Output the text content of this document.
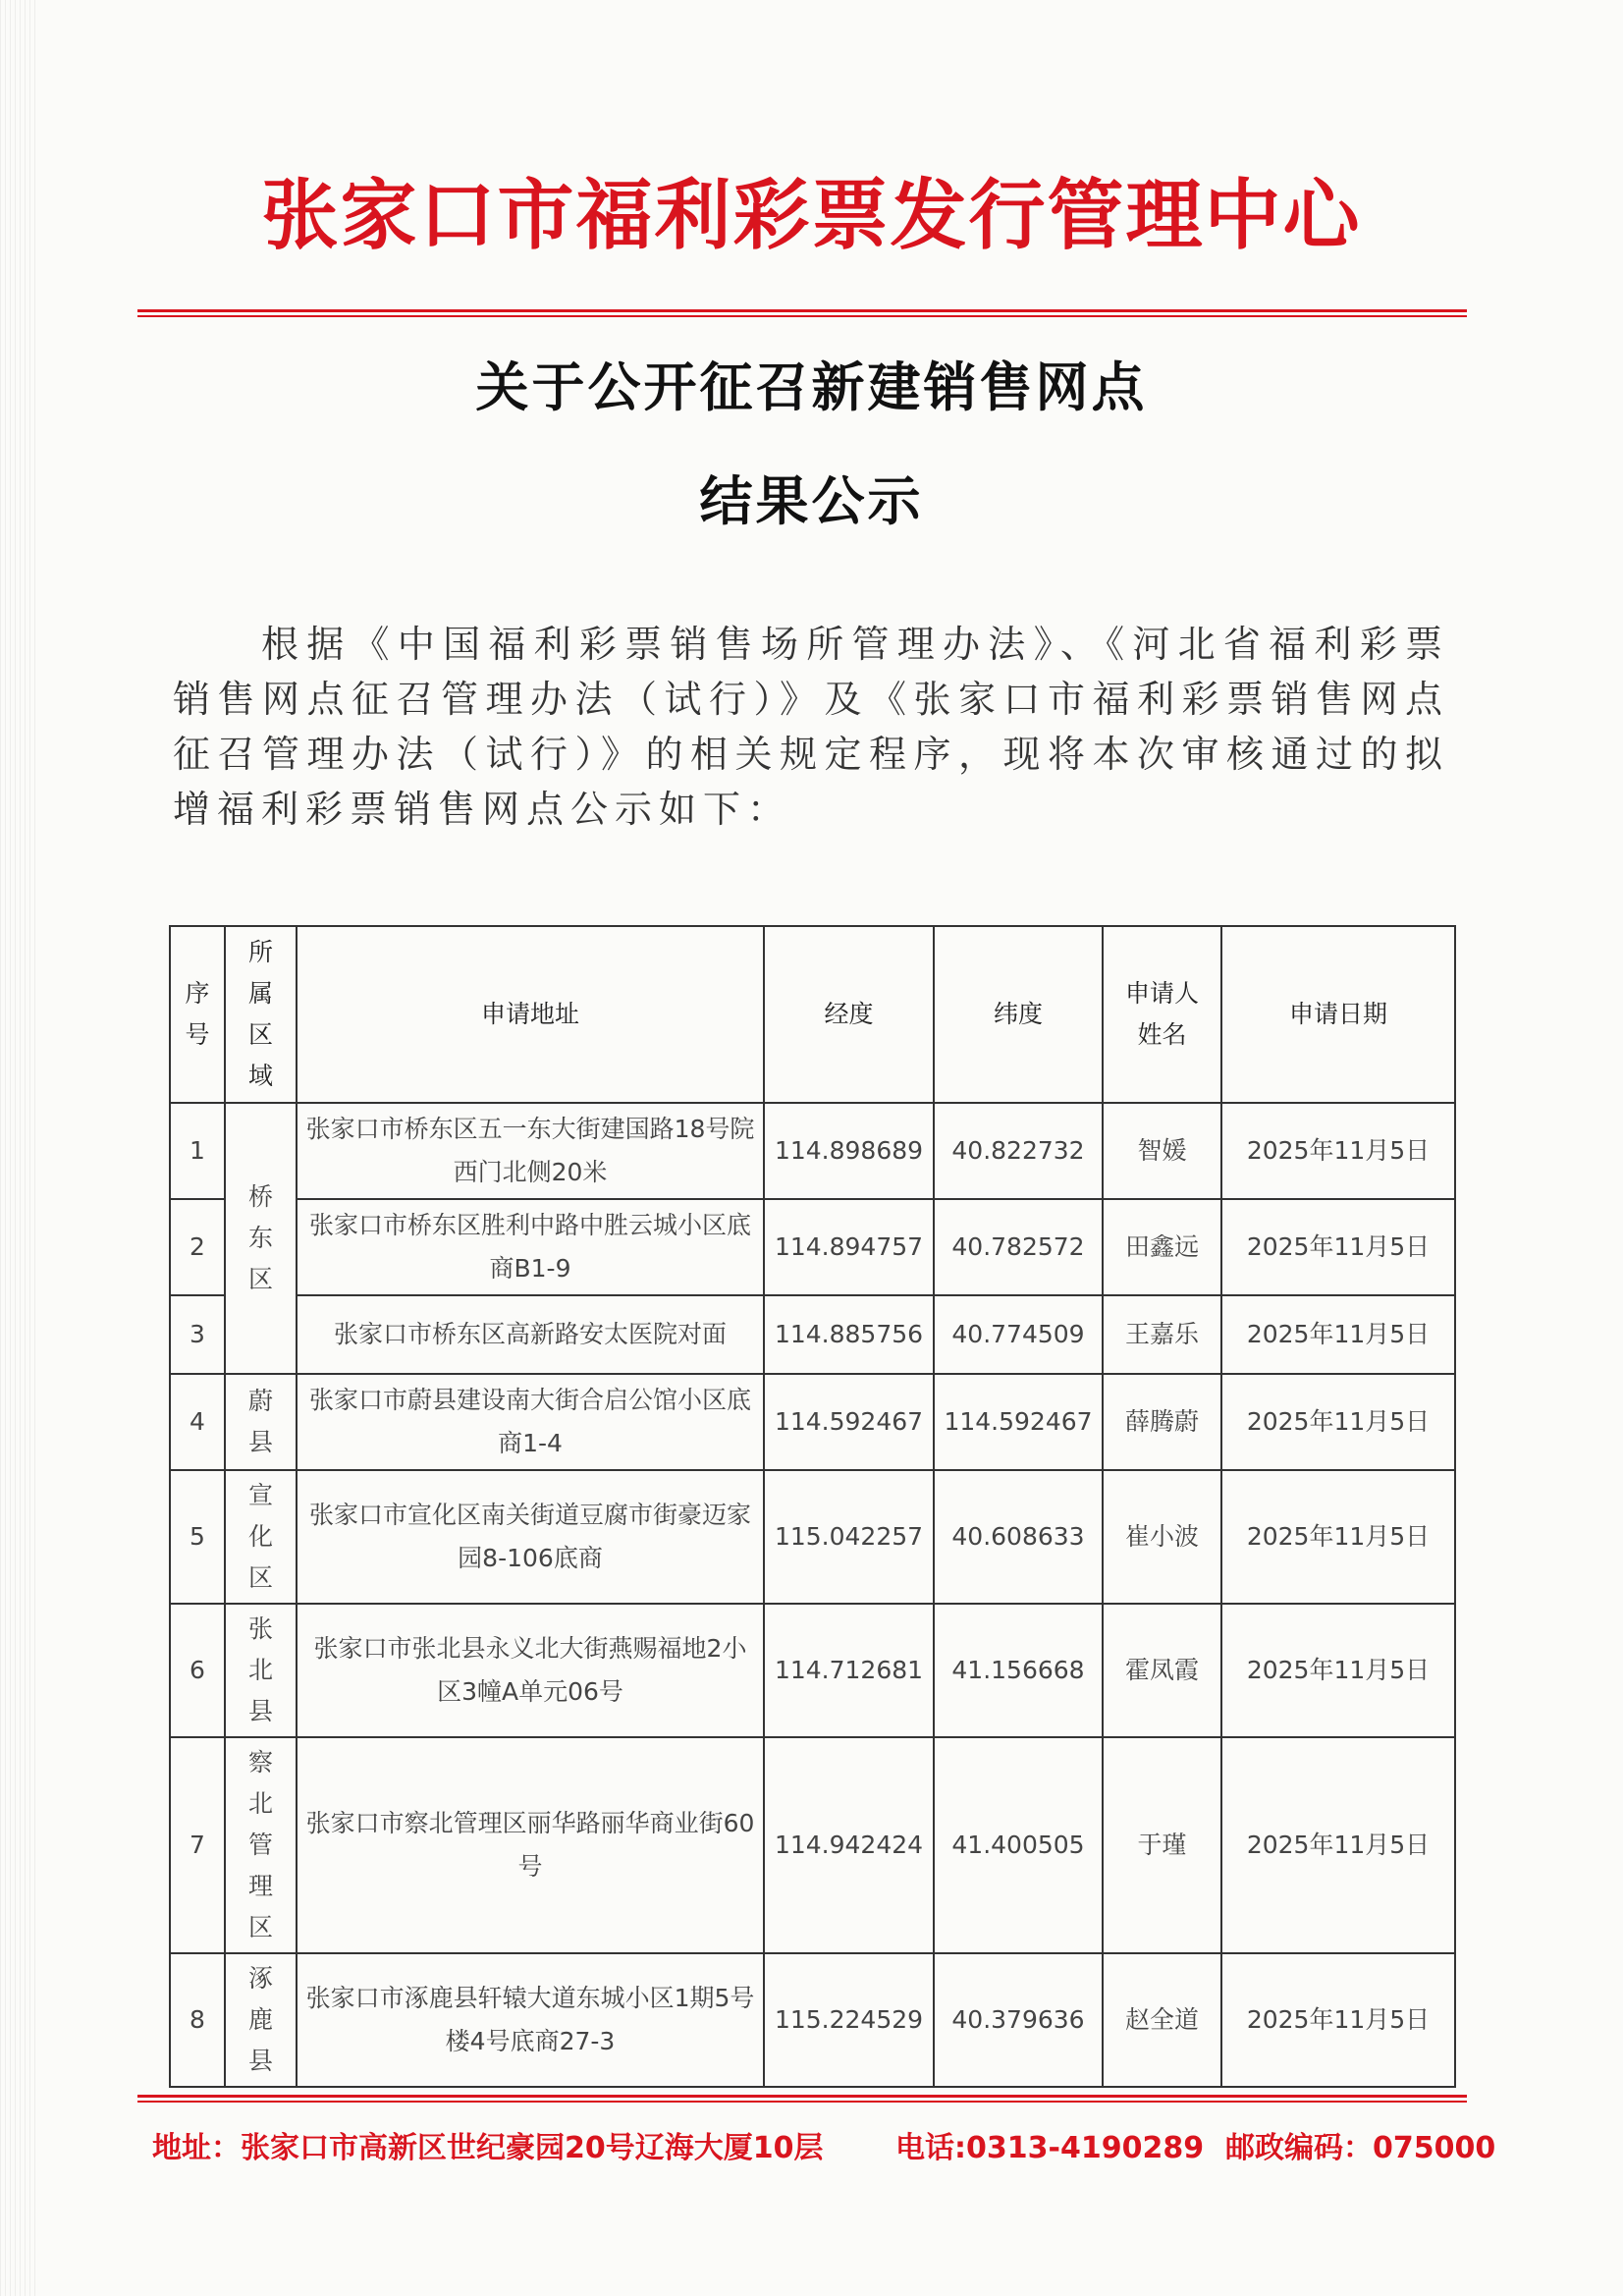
张家口市福利彩票发行管理中心
关于公开征召新建销售网点
结果公示

根据《中国福利彩票销售场所管理办法》、《河北省福利彩票销售网点征召管理办法（试行）》及《张家口市福利彩票销售网点征召管理办法（试行）》的相关规定程序，现将本次审核通过的拟增福利彩票销售网点公示如下：

序号	所属区域	申请地址	经度	纬度	申请人姓名	申请日期
1	桥东区	张家口市桥东区五一东大街建国路18号院西门北侧20米	114.898689	40.822732	智媛	2025年11月5日
2		张家口市桥东区胜利中路中胜云城小区底商B1-9	114.894757	40.782572	田鑫远	2025年11月5日
3		张家口市桥东区高新路安太医院对面	114.885756	40.774509	王嘉乐	2025年11月5日
4	蔚县	张家口市蔚县建设南大街合启公馆小区底商1-4	114.592467	114.592467	薛腾蔚	2025年11月5日
5	宣化区	张家口市宣化区南关街道豆腐市街豪迈家园8-106底商	115.042257	40.608633	崔小波	2025年11月5日
6	张北县	张家口市张北县永义北大街燕赐福地2小区3幢A单元06号	114.712681	41.156668	霍凤霞	2025年11月5日
7	察北管理区	张家口市察北管理区丽华路丽华商业街60号	114.942424	41.400505	于瑾	2025年11月5日
8	涿鹿县	张家口市涿鹿县轩辕大道东城小区1期5号楼4号底商27-3	115.224529	40.379636	赵全道	2025年11月5日
地址：张家口市高新区世纪豪园20号辽海大厦10层 电话:0313-4190289 邮政编码：075000
